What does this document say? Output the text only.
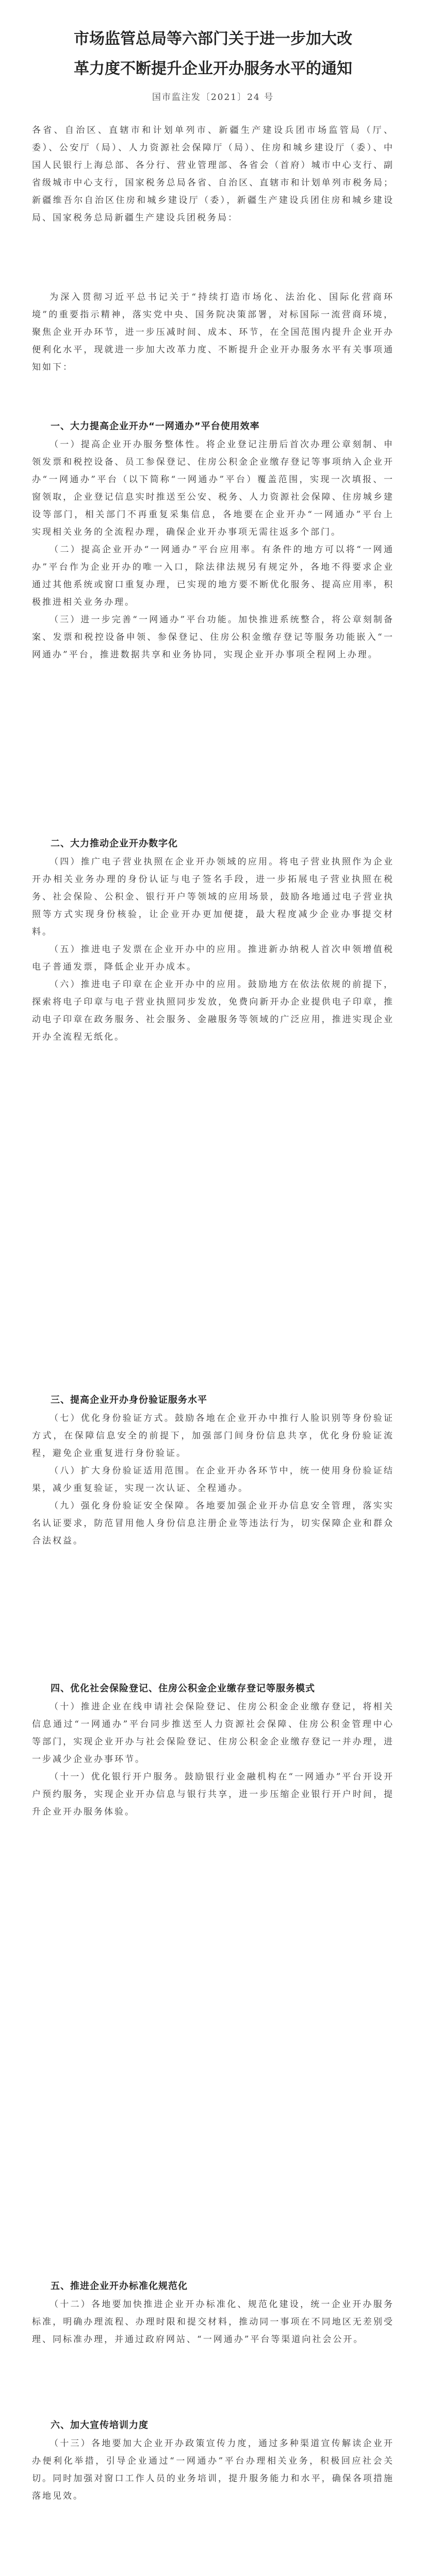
市场监管总局等六部门关于进一步加大改
革力度不断提升企业开办服务水平的通知
国市监注发〔2021〕24 号

各省、自治区、直辖市和计划单列市、新疆生产建设兵团市场监管局（厅、委）、公安厅（局）、人力资源社会保障厅（局）、住房和城乡建设厅（委）、中国人民银行上海总部、各分行、营业管理部、各省会（首府）城市中心支行、副省级城市中心支行，国家税务总局各省、自治区、直辖市和计划单列市税务局；新疆维吾尔自治区住房和城乡建设厅（委），新疆生产建设兵团住房和城乡建设局、国家税务总局新疆生产建设兵团税务局：

为深入贯彻习近平总书记关于“持续打造市场化、法治化、国际化营商环境”的重要指示精神，落实党中央、国务院决策部署，对标国际一流营商环境，聚焦企业开办环节，进一步压减时间、成本、环节，在全国范围内提升企业开办便利化水平，现就进一步加大改革力度、不断提升企业开办服务水平有关事项通知如下：

一、大力提高企业开办“一网通办”平台使用效率

（一）提高企业开办服务整体性。将企业登记注册后首次办理公章刻制、申领发票和税控设备、员工参保登记、住房公积金企业缴存登记等事项纳入企业开办“一网通办”平台（以下简称“一网通办”平台）覆盖范围，实现一次填报、一窗领取，企业登记信息实时推送至公安、税务、人力资源社会保障、住房城乡建设等部门，相关部门不再重复采集信息，各地要在企业开办“一网通办”平台上实现相关业务的全流程办理，确保企业开办事项无需往返多个部门。

（二）提高企业开办“一网通办”平台应用率。有条件的地方可以将“一网通办”平台作为企业开办的唯一入口，除法律法规另有规定外，各地不得要求企业通过其他系统或窗口重复办理，已实现的地方要不断优化服务、提高应用率，积极推进相关业务办理。

（三）进一步完善“一网通办”平台功能。加快推进系统整合，将公章刻制备案、发票和税控设备申领、参保登记、住房公积金缴存登记等服务功能嵌入“一网通办”平台，推进数据共享和业务协同，实现企业开办事项全程网上办理。

二、大力推动企业开办数字化

（四）推广电子营业执照在企业开办领域的应用。将电子营业执照作为企业开办相关业务办理的身份认证与电子签名手段，进一步拓展电子营业执照在税务、社会保险、公积金、银行开户等领域的应用场景，鼓励各地通过电子营业执照等方式实现身份核验，让企业开办更加便捷，最大程度减少企业办事提交材料。

（五）推进电子发票在企业开办中的应用。推进新办纳税人首次申领增值税电子普通发票，降低企业开办成本。

（六）推进电子印章在企业开办中的应用。鼓励地方在依法依规的前提下，探索将电子印章与电子营业执照同步发放，免费向新开办企业提供电子印章，推动电子印章在政务服务、社会服务、金融服务等领域的广泛应用，推进实现企业开办全流程无纸化。

三、提高企业开办身份验证服务水平

（七）优化身份验证方式。鼓励各地在企业开办中推行人脸识别等身份验证方式，在保障信息安全的前提下，加强部门间身份信息共享，优化身份验证流程，避免企业重复进行身份验证。

（八）扩大身份验证适用范围。在企业开办各环节中，统一使用身份验证结果，减少重复验证，实现一次认证、全程通办。

（九）强化身份验证安全保障。各地要加强企业开办信息安全管理，落实实名认证要求，防范冒用他人身份信息注册企业等违法行为，切实保障企业和群众合法权益。

四、优化社会保险登记、住房公积金企业缴存登记等服务模式

（十）推进企业在线申请社会保险登记、住房公积金企业缴存登记，将相关信息通过“一网通办”平台同步推送至人力资源社会保障、住房公积金管理中心等部门，实现企业开办与社会保险登记、住房公积金企业缴存登记一并办理，进一步减少企业办事环节。

（十一）优化银行开户服务。鼓励银行业金融机构在“一网通办”平台开设开户预约服务，实现企业开办信息与银行共享，进一步压缩企业银行开户时间，提升企业开办服务体验。

五、推进企业开办标准化规范化

（十二）各地要加快推进企业开办标准化、规范化建设，统一企业开办服务标准，明确办理流程、办理时限和提交材料，推动同一事项在不同地区无差别受理、同标准办理，并通过政府网站、“一网通办”平台等渠道向社会公开。

六、加大宣传培训力度

（十三）各地要加大企业开办政策宣传力度，通过多种渠道宣传解读企业开办便利化举措，引导企业通过“一网通办”平台办理相关业务，积极回应社会关切。同时加强对窗口工作人员的业务培训，提升服务能力和水平，确保各项措施落地见效。
